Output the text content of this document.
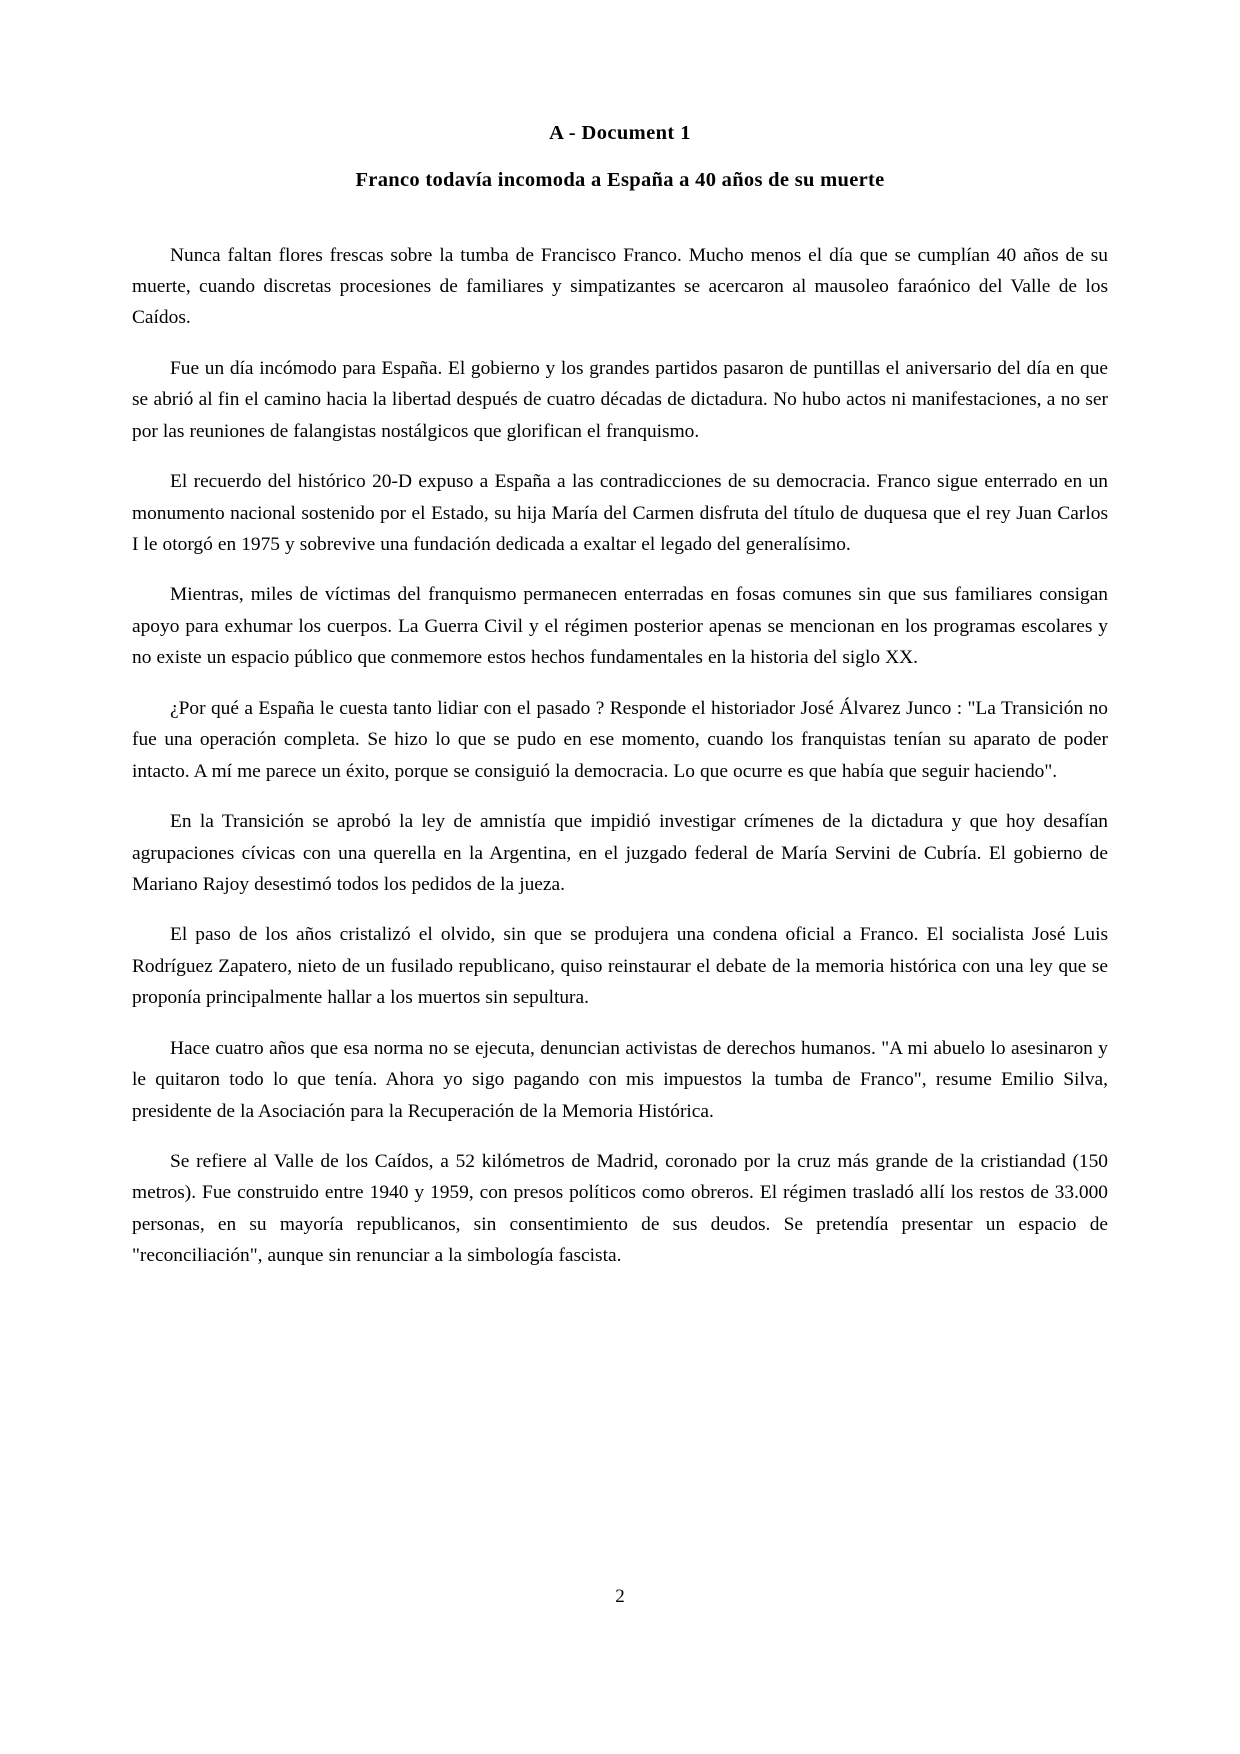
A - Document 1
Franco todavía incomoda a España a 40 años de su muerte

Nunca faltan flores frescas sobre la tumba de Francisco Franco. Mucho menos el día que se cumplían 40 años de su muerte, cuando discretas procesiones de familiares y simpatizantes se acercaron al mausoleo faraónico del Valle de los Caídos.

Fue un día incómodo para España. El gobierno y los grandes partidos pasaron de puntillas el aniversario del día en que se abrió al fin el camino hacia la libertad después de cuatro décadas de dictadura. No hubo actos ni manifestaciones, a no ser por las reuniones de falangistas nostálgicos que glorifican el franquismo.

El recuerdo del histórico 20-D expuso a España a las contradicciones de su democracia. Franco sigue enterrado en un monumento nacional sostenido por el Estado, su hija María del Carmen disfruta del título de duquesa que el rey Juan Carlos I le otorgó en 1975 y sobrevive una fundación dedicada a exaltar el legado del generalísimo.

Mientras, miles de víctimas del franquismo permanecen enterradas en fosas comunes sin que sus familiares consigan apoyo para exhumar los cuerpos. La Guerra Civil y el régimen posterior apenas se mencionan en los programas escolares y no existe un espacio público que conmemore estos hechos fundamentales en la historia del siglo XX.

¿Por qué a España le cuesta tanto lidiar con el pasado ? Responde el historiador José Álvarez Junco : "La Transición no fue una operación completa. Se hizo lo que se pudo en ese momento, cuando los franquistas tenían su aparato de poder intacto. A mí me parece un éxito, porque se consiguió la democracia. Lo que ocurre es que había que seguir haciendo".

En la Transición se aprobó la ley de amnistía que impidió investigar crímenes de la dictadura y que hoy desafían agrupaciones cívicas con una querella en la Argentina, en el juzgado federal de María Servini de Cubría. El gobierno de Mariano Rajoy desestimó todos los pedidos de la jueza.

El paso de los años cristalizó el olvido, sin que se produjera una condena oficial a Franco. El socialista José Luis Rodríguez Zapatero, nieto de un fusilado republicano, quiso reinstaurar el debate de la memoria histórica con una ley que se proponía principalmente hallar a los muertos sin sepultura.

Hace cuatro años que esa norma no se ejecuta, denuncian activistas de derechos humanos. "A mi abuelo lo asesinaron y le quitaron todo lo que tenía. Ahora yo sigo pagando con mis impuestos la tumba de Franco", resume Emilio Silva, presidente de la Asociación para la Recuperación de la Memoria Histórica.

Se refiere al Valle de los Caídos, a 52 kilómetros de Madrid, coronado por la cruz más grande de la cristiandad (150 metros). Fue construido entre 1940 y 1959, con presos políticos como obreros. El régimen trasladó allí los restos de 33.000 personas, en su mayoría republicanos, sin consentimiento de sus deudos. Se pretendía presentar un espacio de "reconciliación", aunque sin renunciar a la simbología fascista.

2
